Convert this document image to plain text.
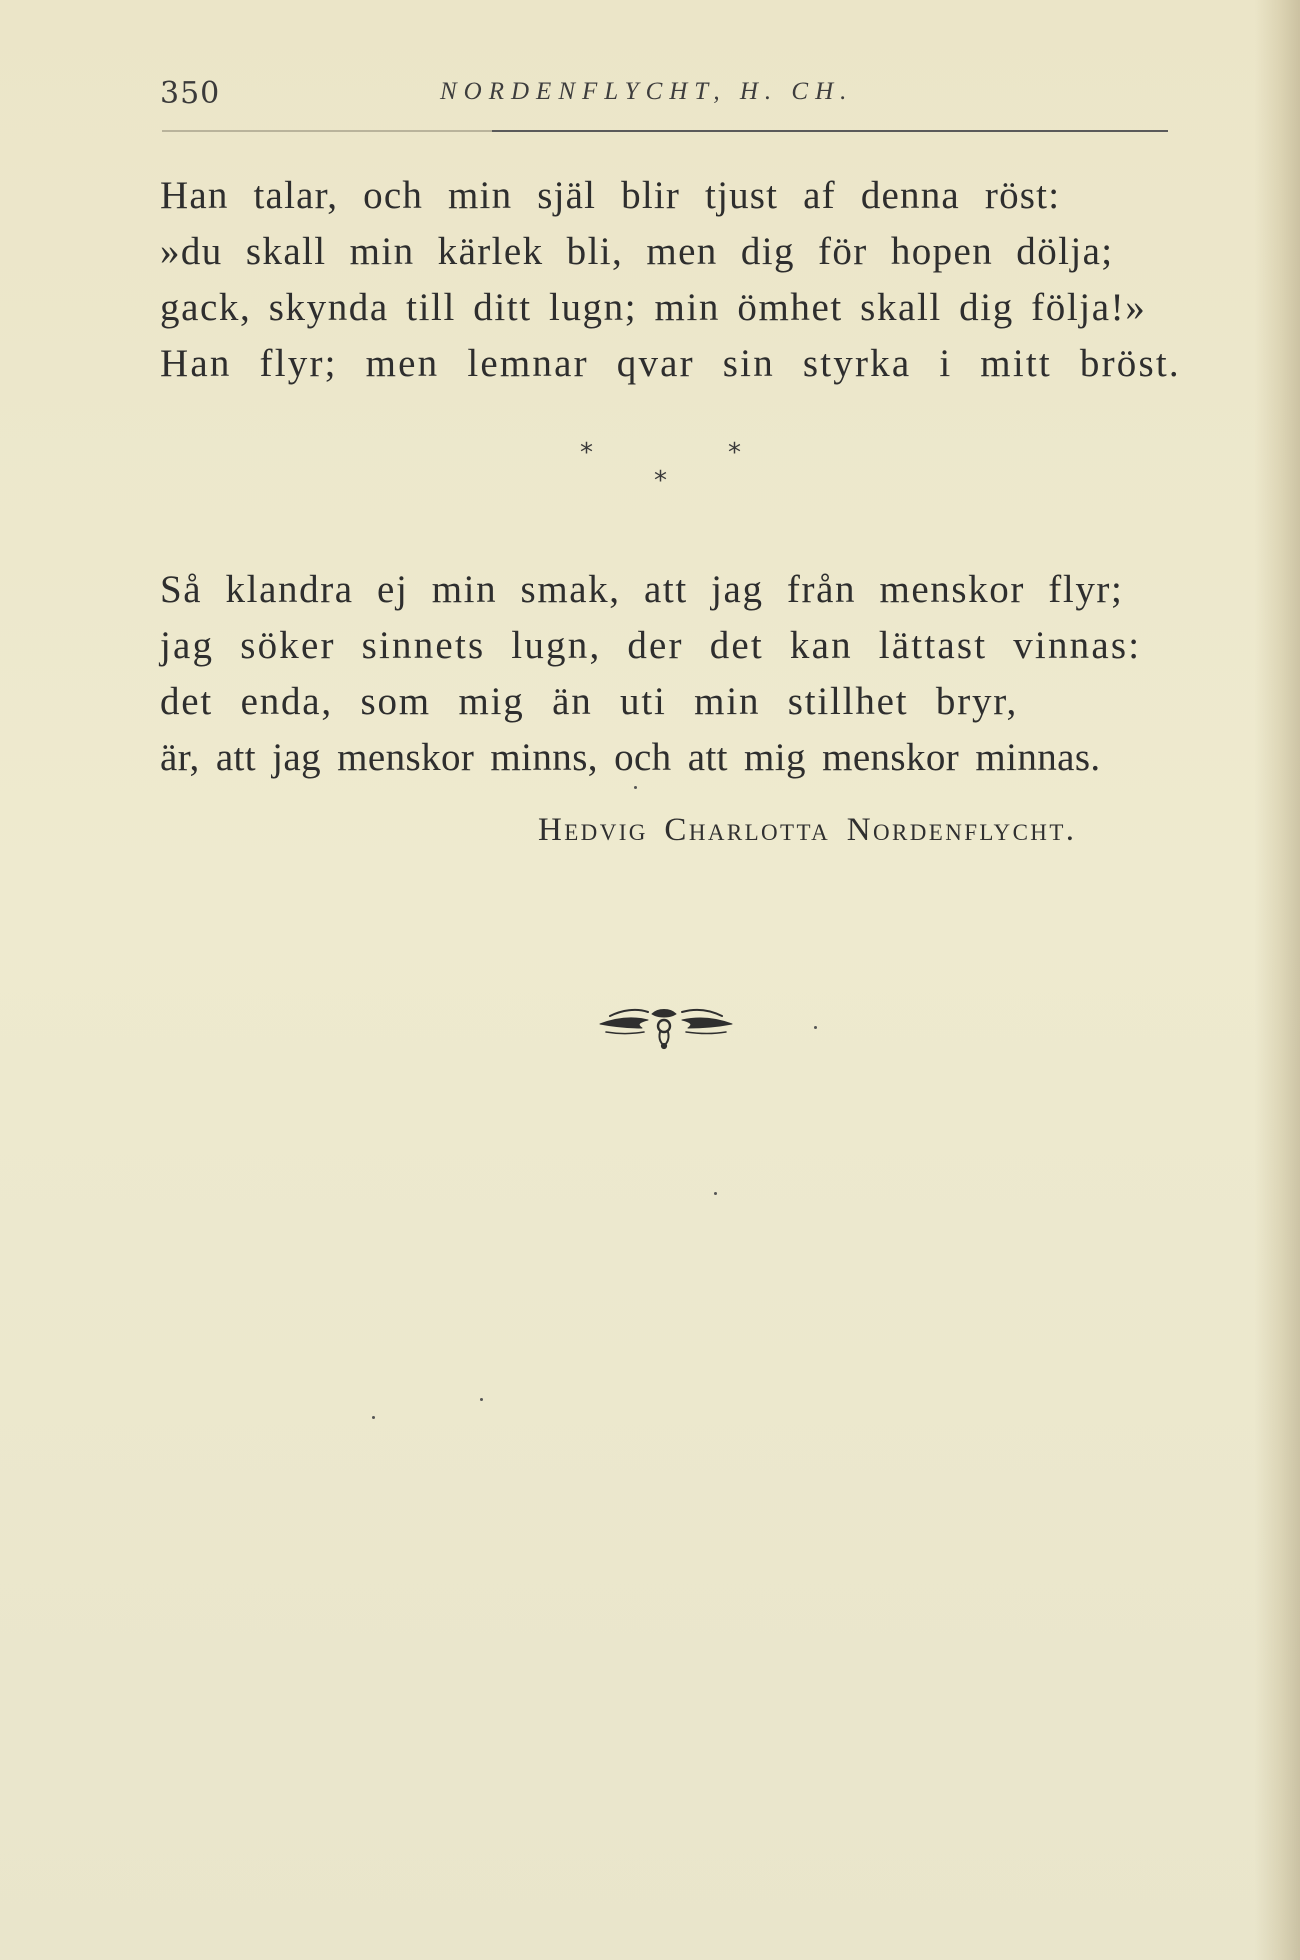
350	NORDENFLYCHT, H. CH.
Han talar, och min själ blir tjust af denna röst:
»du skall min kärlek bli, men dig för hopen dölja;
gack, skynda till ditt lugn; min ömhet skall dig följa!»
Han flyr; men lemnar qvar sin styrka i mitt bröst.
*	*
*
Så klandra ej min smak, att jag från menskor flyr;
jag söker sinnets lugn, der det kan lättast vinnas:
det enda, som mig än uti min stillhet bryr,
är, att jag menskor minns, och att mig menskor minnas.
Hedvig Charlotta Nordenflycht.
